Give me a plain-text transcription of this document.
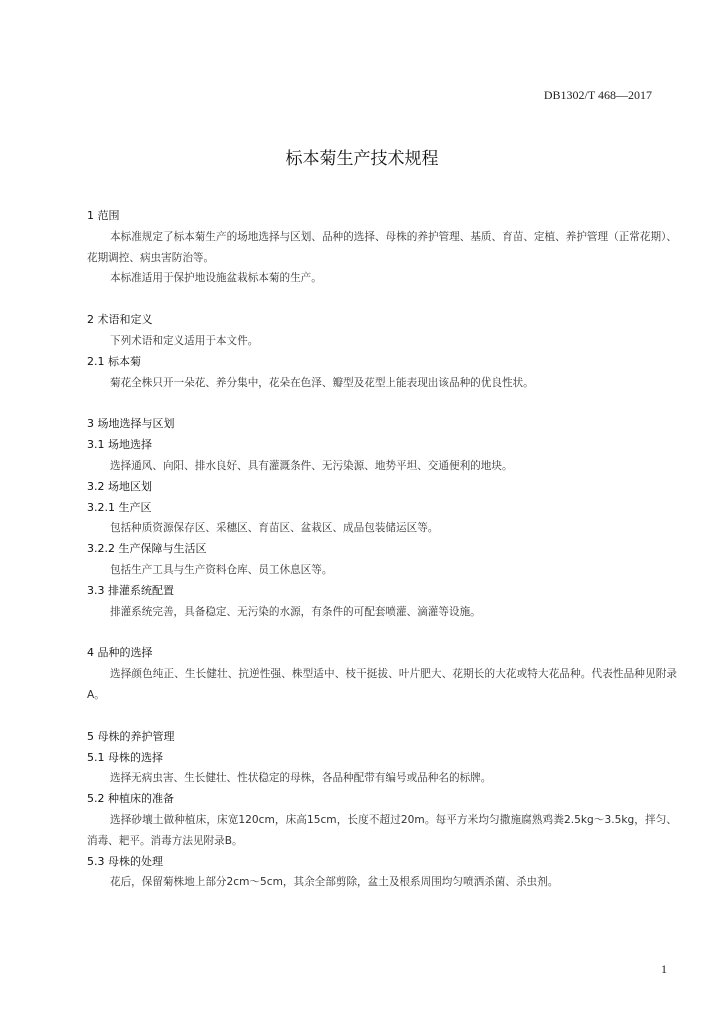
DB1302/T 468—2017
标本菊生产技术规程
1 范围
本标准规定了标本菊生产的场地选择与区划、品种的选择、母株的养护管理、基质、育苗、定植、养护管理（正常花期）、花期调控、病虫害防治等。
本标准适用于保护地设施盆栽标本菊的生产。
2 术语和定义
下列术语和定义适用于本文件。
2.1 标本菊
菊花全株只开一朵花、养分集中，花朵在色泽、瓣型及花型上能表现出该品种的优良性状。
3 场地选择与区划
3.1 场地选择
选择通风、向阳、排水良好、具有灌溉条件、无污染源、地势平坦、交通便利的地块。
3.2 场地区划
3.2.1 生产区
包括种质资源保存区、采穗区、育苗区、盆栽区、成品包装储运区等。
3.2.2 生产保障与生活区
包括生产工具与生产资料仓库、员工休息区等。
3.3 排灌系统配置
排灌系统完善，具备稳定、无污染的水源，有条件的可配套喷灌、滴灌等设施。
4 品种的选择
选择颜色纯正、生长健壮、抗逆性强、株型适中、枝干挺拔、叶片肥大、花期长的大花或特大花品种。代表性品种见附录A。
5 母株的养护管理
5.1 母株的选择
选择无病虫害、生长健壮、性状稳定的母株，各品种配带有编号或品种名的标牌。
5.2 种植床的准备
选择砂壤土做种植床，床宽120cm，床高15cm，长度不超过20m。每平方米均匀撒施腐熟鸡粪2.5kg～3.5kg，拌匀、消毒、耙平。消毒方法见附录B。
5.3 母株的处理
花后，保留菊株地上部分2cm～5cm，其余全部剪除，盆土及根系周围均匀喷洒杀菌、杀虫剂。
1
